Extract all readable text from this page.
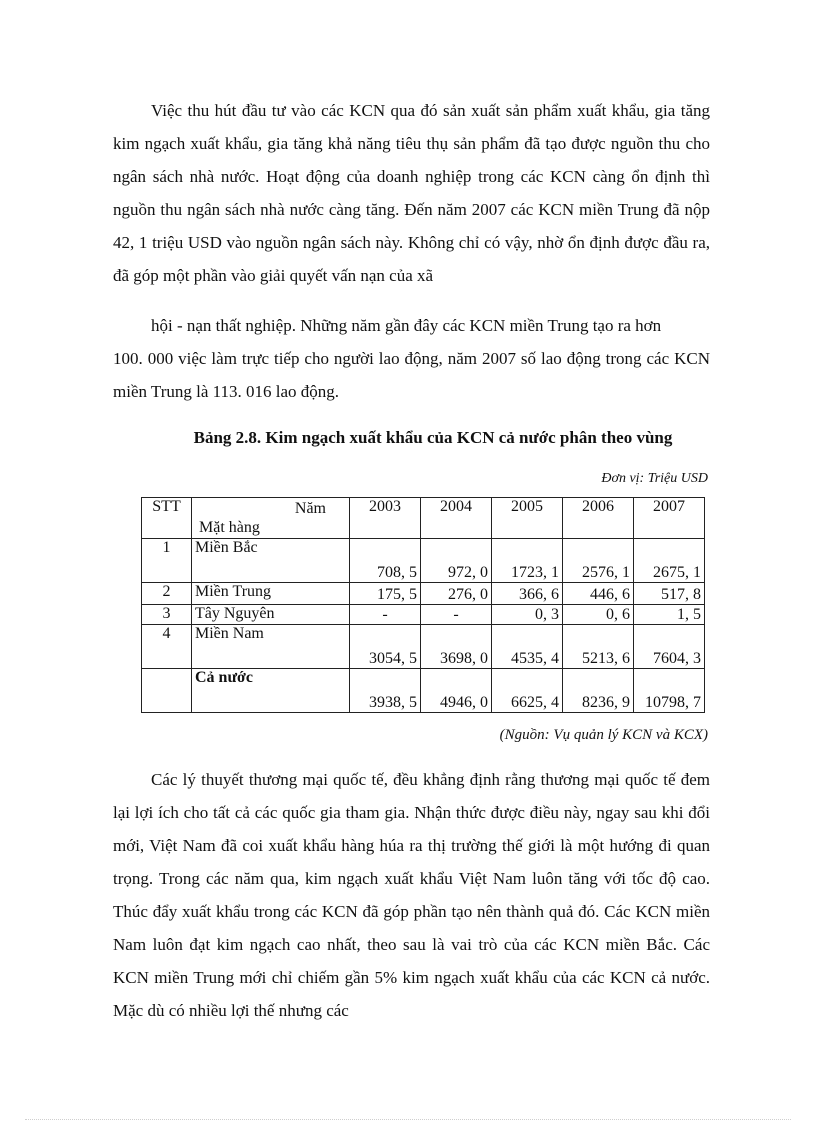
Việc thu hút đầu tư vào các KCN qua đó sản xuất sản phẩm xuất khẩu, gia tăng kim ngạch xuất khẩu, gia tăng khả năng tiêu thụ sản phẩm đã tạo được nguồn thu cho ngân sách nhà nước. Hoạt động của doanh nghiệp trong các KCN càng ổn định thì nguồn thu ngân sách nhà nước càng tăng. Đến năm 2007 các KCN miền Trung đã nộp 42, 1 triệu USD vào nguồn ngân sách này. Không chỉ có vậy, nhờ ổn định được đầu ra, đã góp một phần vào giải quyết vấn nạn của xã

hội - nạn thất nghiệp. Những năm gần đây các KCN miền Trung tạo ra hơn
100. 000 việc làm trực tiếp cho người lao động, năm 2007 số lao động trong các KCN miền Trung là 113. 016 lao động.

Bảng 2.8. Kim ngạch xuất khẩu của KCN cả nước phân theo vùng

Đơn vị: Triệu USD

STT	Năm
Mặt hàng	2003	2004	2005	2006	2007
1	Miền Bắc	708, 5	972, 0	1723, 1	2576, 1	2675, 1
2	Miền Trung	175, 5	276, 0	366, 6	446, 6	517, 8
3	Tây Nguyên	-	-	0, 3	0, 6	1, 5
4	Miền Nam	3054, 5	3698, 0	4535, 4	5213, 6	7604, 3
	Cả nước	3938, 5	4946, 0	6625, 4	8236, 9	10798, 7

(Nguồn: Vụ quản lý KCN và KCX)

Các lý thuyết thương mại quốc tế, đều khẳng định rằng thương mại quốc tế đem lại lợi ích cho tất cả các quốc gia tham gia. Nhận thức được điều này, ngay sau khi đổi mới, Việt Nam đã coi xuất khẩu hàng húa ra thị trường thế giới là một hướng đi quan trọng. Trong các năm qua, kim ngạch xuất khẩu Việt Nam luôn tăng với tốc độ cao. Thúc đẩy xuất khẩu trong các KCN đã góp phần tạo nên thành quả đó. Các KCN miền Nam luôn đạt kim ngạch cao nhất, theo sau là vai trò của các KCN miền Bắc. Các KCN miền Trung mới chỉ chiếm gần 5% kim ngạch xuất khẩu của các KCN cả nước. Mặc dù có nhiều lợi thế nhưng các
